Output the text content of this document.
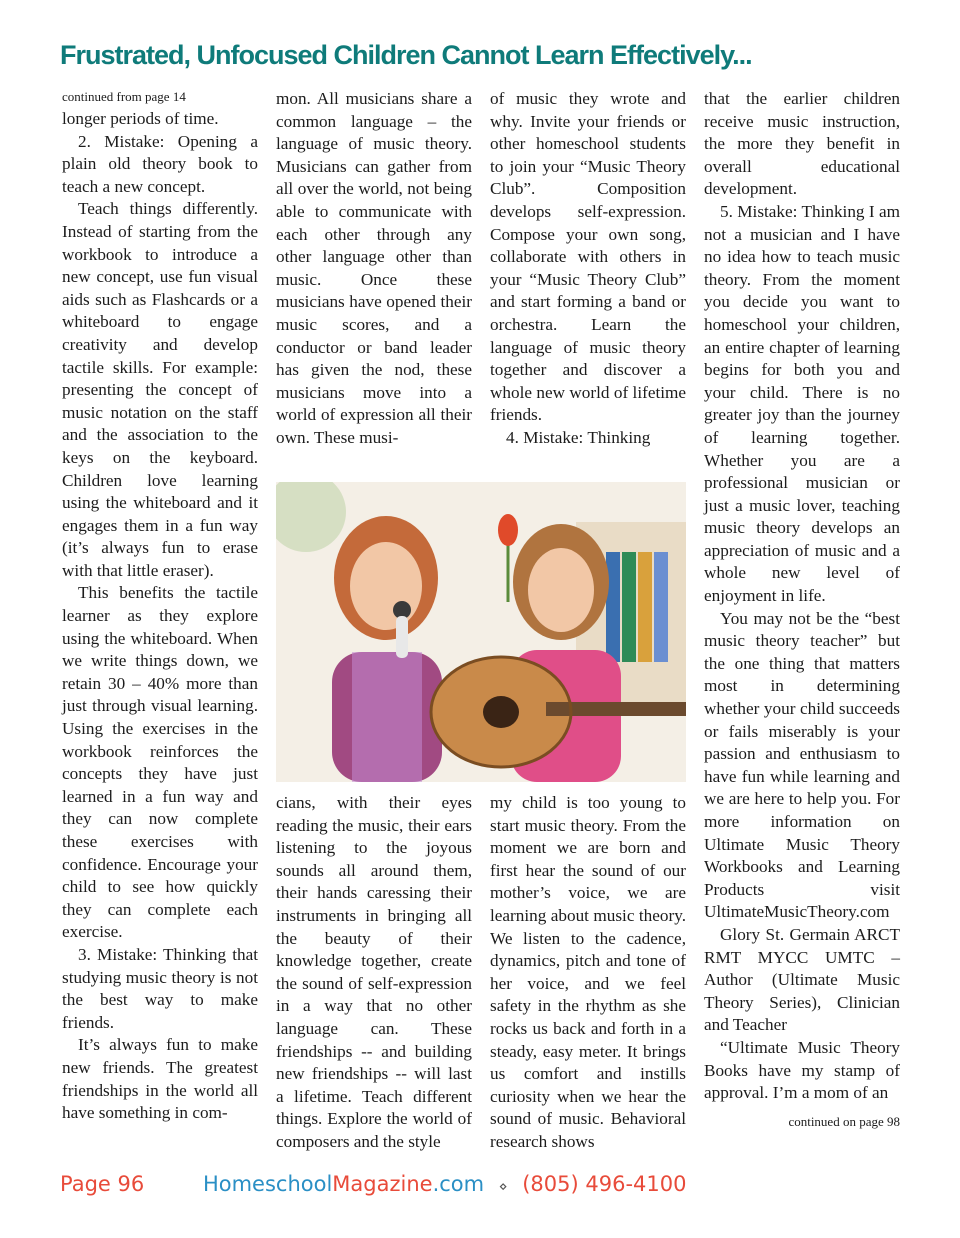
Frustrated, Unfocused Children Cannot Learn Effectively...
continued from page 14

longer periods of time.

2. Mistake: Opening a plain old theory book to teach a new concept.

Teach things differently. Instead of starting from the workbook to introduce a new concept, use fun visual aids such as Flashcards or a whiteboard to engage creativity and develop tactile skills. For example: presenting the concept of music notation on the staff and the association to the keys on the keyboard. Children love learning using the whiteboard and it engages them in a fun way (it’s always fun to erase with that little eraser).

This benefits the tactile learner as they explore using the whiteboard. When we write things down, we retain 30 – 40% more than just through visual learning. Using the exercises in the workbook reinforces the concepts they have just learned in a fun way and they can now complete these exercises with confidence. Encourage your child to see how quickly they can complete each exercise.

3. Mistake: Thinking that studying music theory is not the best way to make friends.

It’s always fun to make new friends. The greatest friendships in the world all have something in com-

mon. All musicians share a common language – the language of music theory. Musicians can gather from all over the world, not being able to communicate with each other through any other language other than music. Once these musicians have opened their music scores, and a conductor or band leader has given the nod, these musicians move into a world of expression all their own. These musi-

of music they wrote and why. Invite your friends or other homeschool students to join your “Music Theory Club”. Composition develops self-expression. Compose your own song, collaborate with others in your “Music Theory Club” and start forming a band or orchestra. Learn the language of music theory together and discover a whole new world of lifetime friends.

4. Mistake: Thinking

cians, with their eyes reading the music, their ears listening to the joyous sounds all around them, their hands caressing their instruments in bringing all the beauty of their knowledge together, create the sound of self-expression in a way that no other language can. These friendships -- and building new friendships -- will last a lifetime. Teach different things. Explore the world of composers and the style

my child is too young to start music theory. From the moment we are born and first hear the sound of our mother’s voice, we are learning about music theory. We listen to the cadence, dynamics, pitch and tone of her voice, and we feel safety in the rhythm as she rocks us back and forth in a steady, easy meter. It brings us comfort and instills curiosity when we hear the sound of music. Behavioral research shows

that the earlier children receive music instruction, the more they benefit in overall educational development.

5. Mistake: Thinking I am not a musician and I have no idea how to teach music theory. From the moment you decide you want to homeschool your children, an entire chapter of learning begins for both you and your child. There is no greater joy than the journey of learning together. Whether you are a professional musician or just a music lover, teaching music theory develops an appreciation of music and a whole new level of enjoyment in life.

You may not be the “best music theory teacher” but the one thing that matters most in determining whether your child succeeds or fails miserably is your passion and enthusiasm to have fun while learning and we are here to help you. For more information on Ultimate Music Theory Workbooks and Learning Products visit UltimateMusicTheory.com

Glory St. Germain ARCT RMT MYCC UMTC – Author (Ultimate Music Theory Series), Clinician and Teacher

“Ultimate Music Theory Books have my stamp of approval. I’m a mom of an

continued on page 98
Page 96	HomeschoolMagazine.com ⋄ (805) 496-4100
